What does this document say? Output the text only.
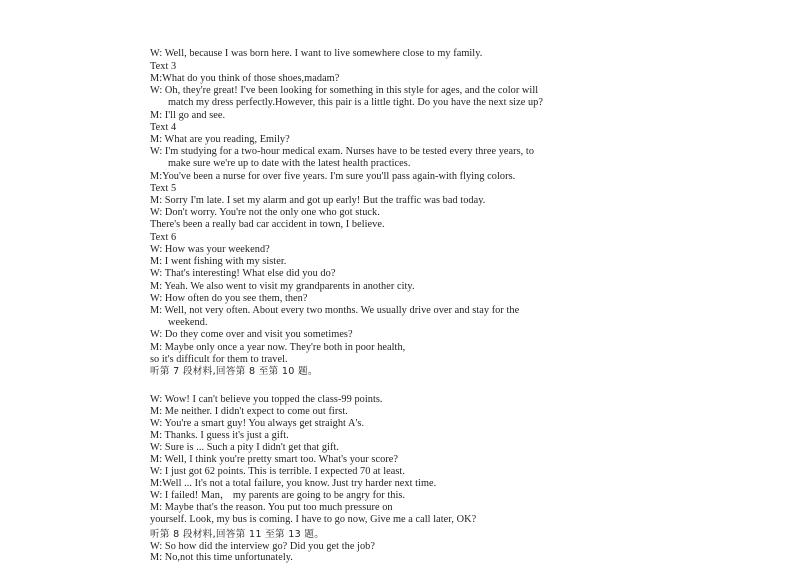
W: Well, because I was born here. I want to live somewhere close to my family.
Text 3
M:What do you think of those shoes,madam?
W: Oh, they're great! I've been looking for something in this style for ages, and the color will
match my dress perfectly.However, this pair is a little tight. Do you have the next size up?
M: I'll go and see.
Text 4
M: What are you reading, Emily?
W: I'm studying for a two-hour medical exam. Nurses have to be tested every three years, to
make sure we're up to date with the latest health practices.
M:You've been a nurse for over five years. I'm sure you'll pass again-with flying colors.
Text 5
M: Sorry I'm late. I set my alarm and got up early! But the traffic was bad today.
W: Don't worry. You're not the only one who got stuck.
There's been a really bad car accident in town, I believe.
Text 6
W: How was your weekend?
M: I went fishing with my sister.
W: That's interesting! What else did you do?
M: Yeah. We also went to visit my grandparents in another city.
W: How often do you see them, then?
M: Well, not very often. About every two months. We usually drive over and stay for the
weekend.
W: Do they come over and visit you sometimes?
M: Maybe only once a year now. They're both in poor health,
so it's difficult for them to travel.
听第 7 段材料,回答第 8 至第 10 题。
W: Wow! I can't believe you topped the class-99 points.
M: Me neither. I didn't expect to come out first.
W: You're a smart guy! You always get straight A's.
M: Thanks. I guess it's just a gift.
W: Sure is ... Such a pity I didn't get that gift.
M: Well, I think you're pretty smart too. What's your score?
W: I just got 62 points. This is terrible. I expected 70 at least.
M:Well ... It's not a total failure, you know. Just try harder next time.
W: I failed! Man， my parents are going to be angry for this.
M: Maybe that's the reason. You put too much pressure on
yourself. Look, my bus is coming. I have to go now, Give me a call later, OK?
听第 8 段材料,回答第 11 至第 13 题。
W: So how did the interview go? Did you get the job?
M: No,not this time unfortunately.
